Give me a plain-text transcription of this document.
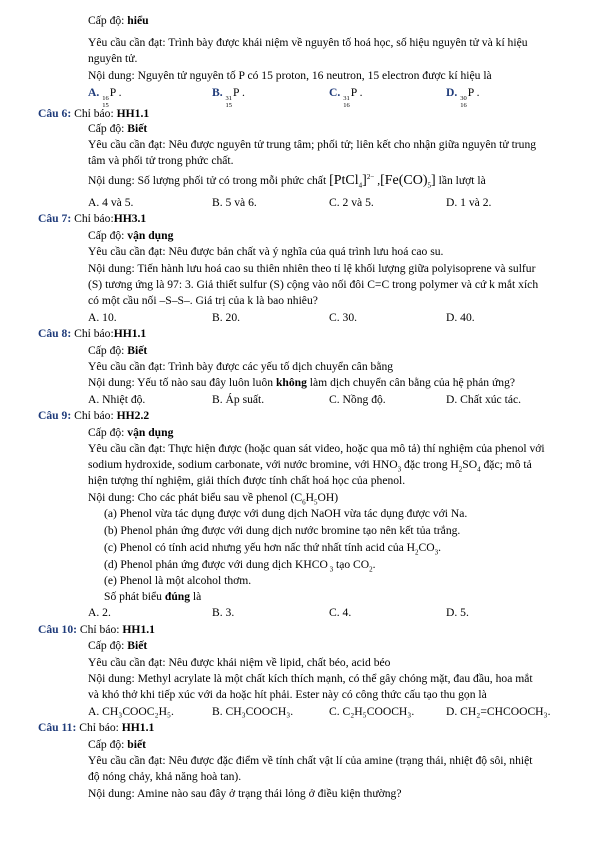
Cấp độ: hiểu
Yêu cầu cần đạt: Trình bày được khái niệm về nguyên tố hoá học, số hiệu nguyên tử và kí hiệu
nguyên tử.
Nội dung: Nguyên tử nguyên tố P có 15 proton, 16 neutron, 15 electron được kí hiệu là
A. 16
15
P .	B. 31
15
P .	C. 31
16
P .	D. 30
16
P .
Câu 6: Chỉ báo: HH1.1
Cấp độ: Biết
Yêu cầu cần đạt: Nêu được nguyên tử trung tâm; phối tử; liên kết cho nhận giữa nguyên tử trung
tâm và phối tử trong phức chất.
Nội dung: Số lượng phối tử có trong mỗi phức chất [PtCl$_4$]$^{2-}$ $,[Fe(CO)_5]$ lần lượt là
A. 4 và 5.	B. 5 và 6.	C. 2 và 5.	D. 1 và 2.
Câu 7: Chỉ báo:HH3.1
Cấp độ: vận dụng
Yêu cầu cần đạt: Nêu được bản chất và ý nghĩa của quá trình lưu hoá cao su.
Nội dung: Tiến hành lưu hoá cao su thiên nhiên theo tỉ lệ khối lượng giữa polyisoprene và sulfur
(S) tương ứng là 97: 3. Giả thiết sulfur (S) cộng vào nối đôi C=C trong polymer và cứ k mắt xích
có một cầu nối –S–S–. Giá trị của k là bao nhiêu?
A. 10.	B. 20.	C. 30.	D. 40.
Câu 8: Chỉ báo:HH1.1
Cấp độ: Biết
Yêu cầu cần đạt: Trình bày được các yếu tố dịch chuyển cân bằng
Nội dung: Yếu tố nào sau đây luôn luôn không làm dịch chuyển cân bằng của hệ phản ứng?
A. Nhiệt độ.	B. Áp suất.	C. Nồng độ.	D. Chất xúc tác.
Câu 9: Chỉ báo: HH2.2
Cấp độ: vận dụng
Yêu cầu cần đạt: Thực hiện được (hoặc quan sát video, hoặc qua mô tả) thí nghiệm của phenol với
sodium hydroxide, sodium carbonate, với nước bromine, với $HNO_3$ đặc trong $H_2SO_4$ đặc; mô tả
hiện tượng thí nghiệm, giải thích được tính chất hoá học của phenol.
Nội dung: Cho các phát biểu sau về phenol $(C_6H_5OH)$
(a) Phenol vừa tác dụng được với dung dịch NaOH vừa tác dụng được với Na.
(b) Phenol phản ứng được với dung dịch nước bromine tạo nên kết tủa trắng.
(c) Phenol có tính acid nhưng yếu hơn nấc thứ nhất tính acid của $H_2CO_3$.
(d) Phenol phản ứng được với dung dịch KHCO $_3$ tạo $CO_2$.
(e) Phenol là một alcohol thơm.
Số phát biểu đúng là
A. 2.	B. 3.	C. 4.	D. 5.
Câu 10: Chỉ báo: HH1.1
Cấp độ: Biết
Yêu cầu cần đạt: Nêu được khái niệm về lipid, chất béo, acid béo
Nội dung: Methyl acrylate là một chất kích thích mạnh, có thể gây chóng mặt, đau đầu, hoa mắt
và khó thở khi tiếp xúc với da hoặc hít phải. Ester này có công thức cấu tạo thu gọn là
A. CH₃COOC₂H₅.	B. CH₃COOCH₃.	C. C₂H₅COOCH₃.	D. CH₂=CHCOOCH₃.
Câu 11: Chỉ báo: HH1.1
Cấp độ: biết
Yêu cầu cần đạt: Nêu được đặc điểm về tính chất vật lí của amine (trạng thái, nhiệt độ sôi, nhiệt
độ nóng chảy, khả năng hoà tan).
Nội dung: Amine nào sau đây ở trạng thái lỏng ở điều kiện thường?
